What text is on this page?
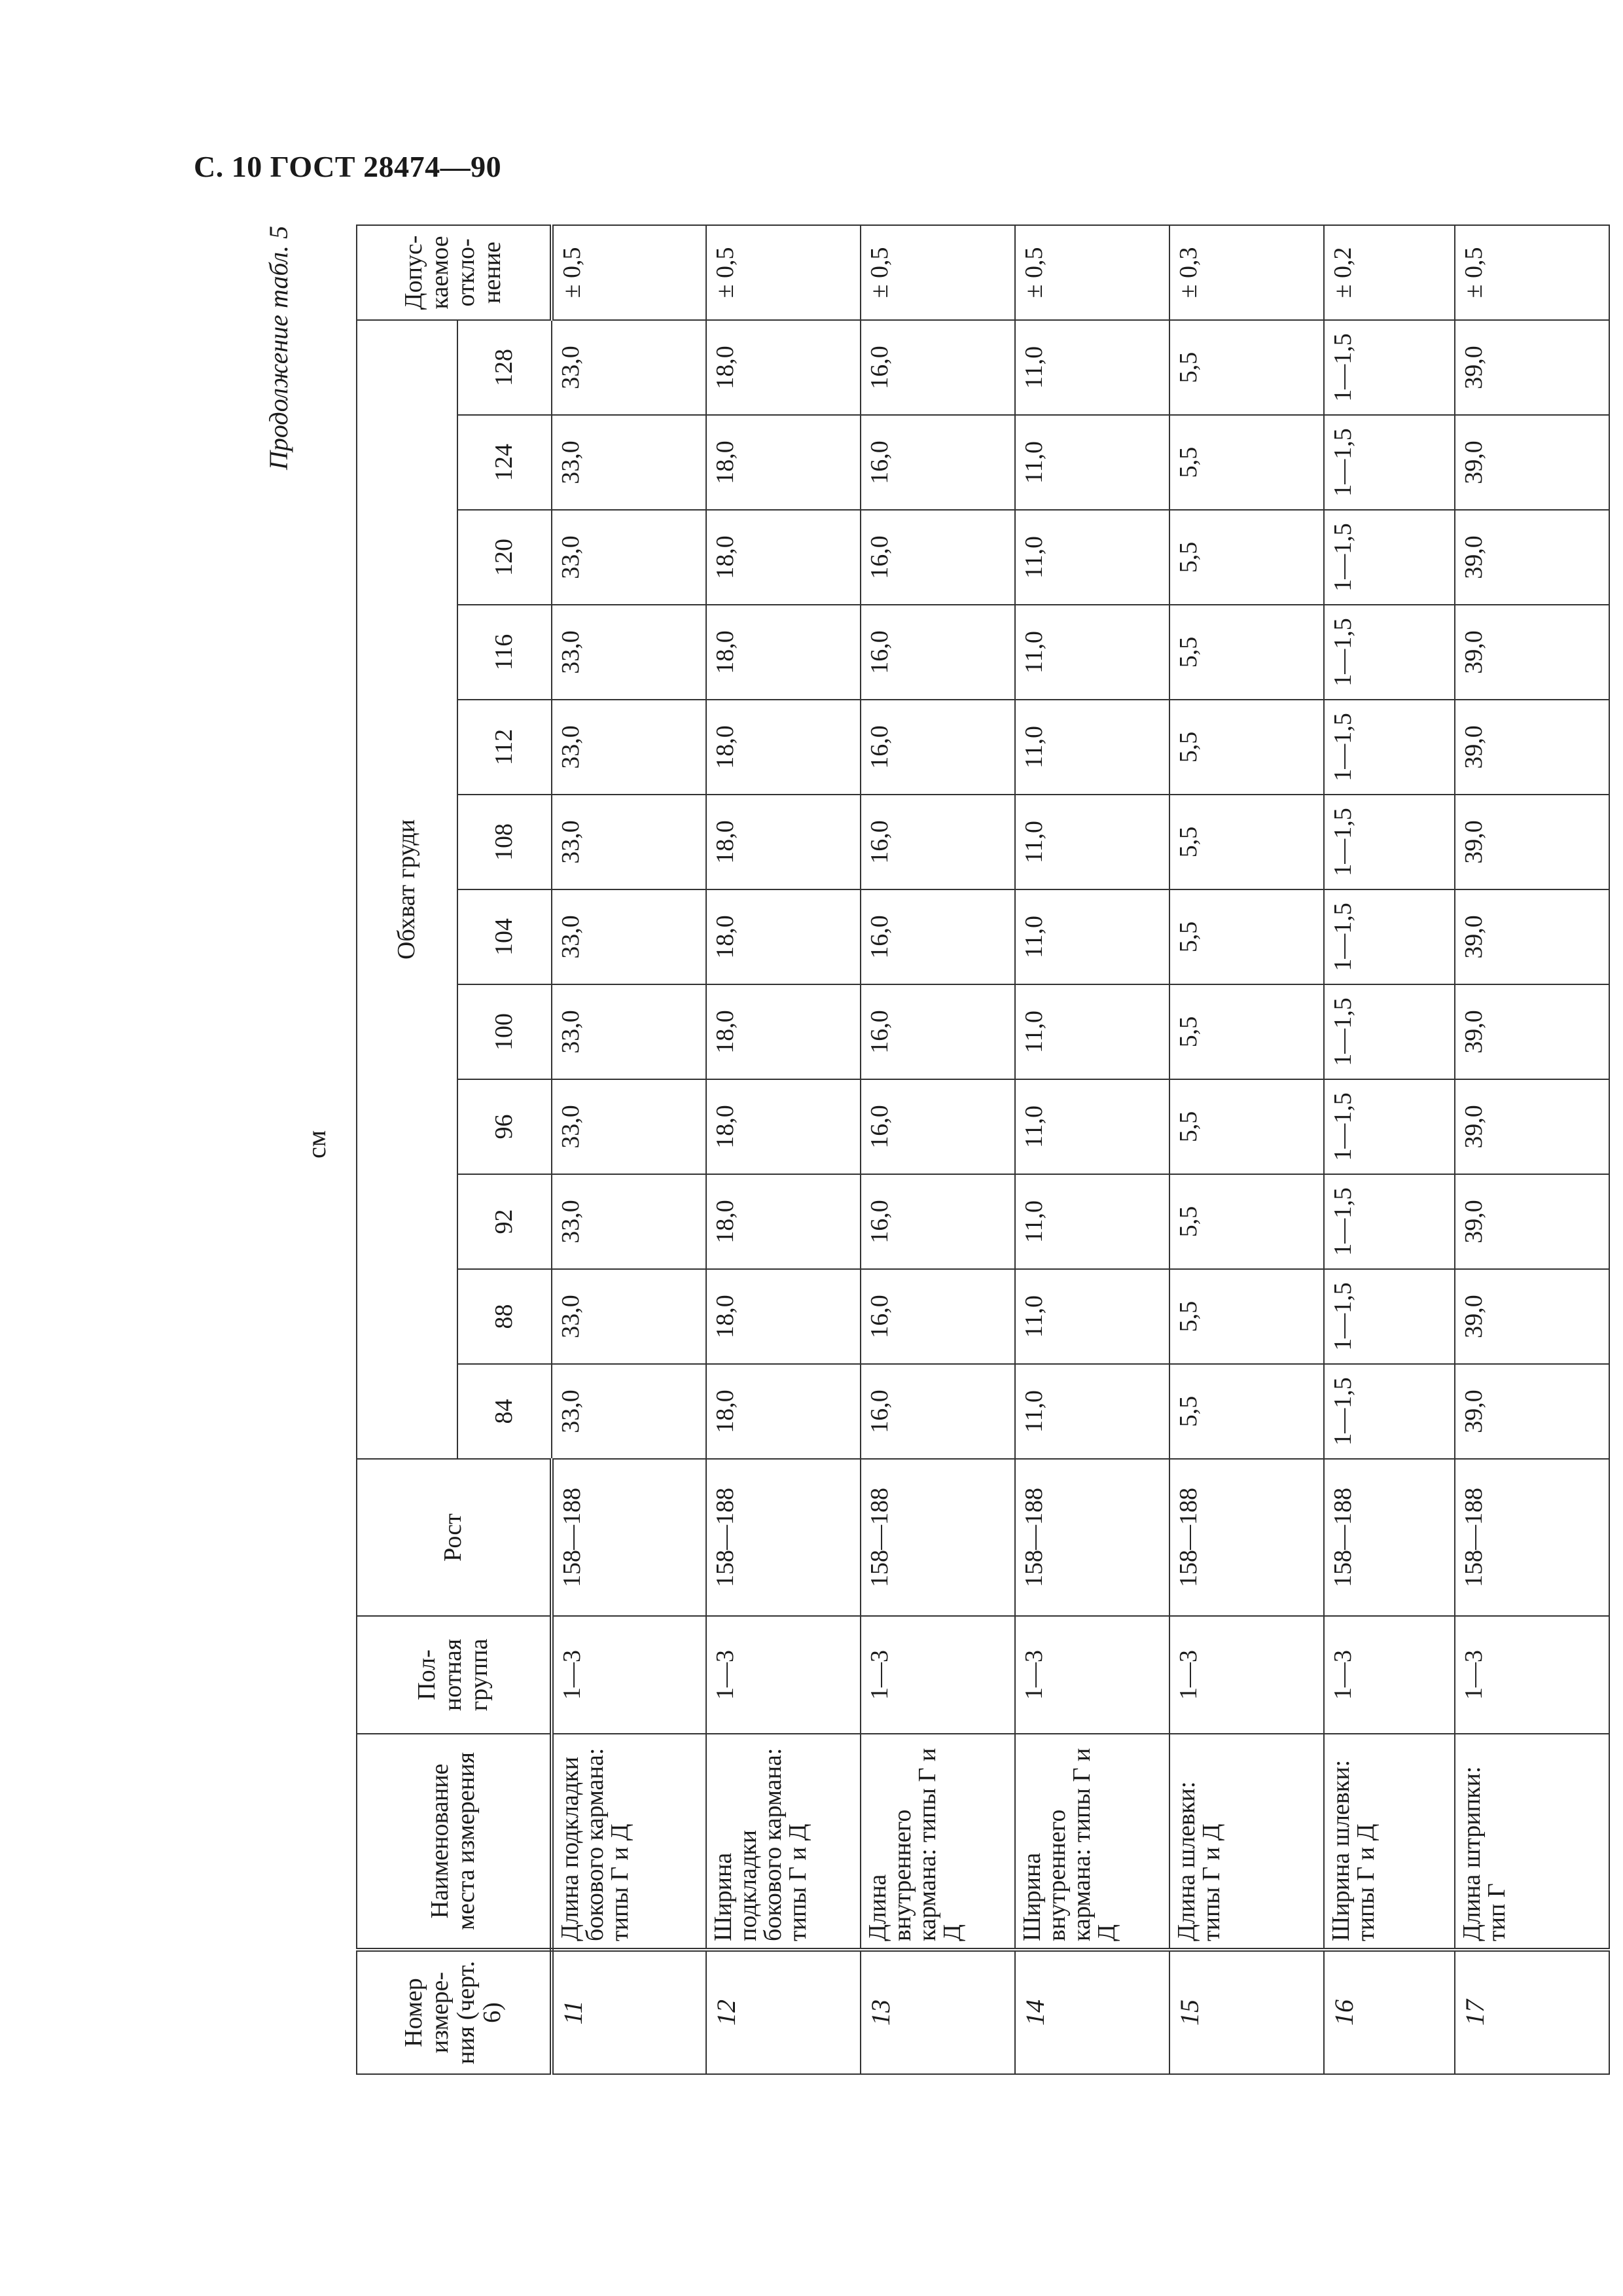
С. 10 ГОСТ 28474—90
Продолжение табл. 5
см
Номер измере- ния (черт. 6)	Наименование места измерения	Пол- нотная группа	Рост	Обхват груди												Допус- каемое откло- нение
				84	88	92	96	100	104	108	112	116	120	124	128	
11	Длина подкладки бокового кармана: типы Г и Д	1—3	158—188	33,0	33,0	33,0	33,0	33,0	33,0	33,0	33,0	33,0	33,0	33,0	33,0	± 0,5
12	Ширина подкладки бокового кармана: типы Г и Д	1—3	158—188	18,0	18,0	18,0	18,0	18,0	18,0	18,0	18,0	18,0	18,0	18,0	18,0	± 0,5
13	Длина внутреннего кармана: типы Г и Д	1—3	158—188	16,0	16,0	16,0	16,0	16,0	16,0	16,0	16,0	16,0	16,0	16,0	16,0	± 0,5
14	Ширина внутреннего кармана: типы Г и Д	1—3	158—188	11,0	11,0	11,0	11,0	11,0	11,0	11,0	11,0	11,0	11,0	11,0	11,0	± 0,5
15	Длина шлевки: типы Г и Д	1—3	158—188	5,5	5,5	5,5	5,5	5,5	5,5	5,5	5,5	5,5	5,5	5,5	5,5	± 0,3
16	Ширина шлевки: типы Г и Д	1—3	158—188	1—1,5	1—1,5	1—1,5	1—1,5	1—1,5	1—1,5	1—1,5	1—1,5	1—1,5	1—1,5	1—1,5	1—1,5	± 0,2
17	Длина штрипки: тип Г	1—3	158—188	39,0	39,0	39,0	39,0	39,0	39,0	39,0	39,0	39,0	39,0	39,0	39,0	± 0,5
